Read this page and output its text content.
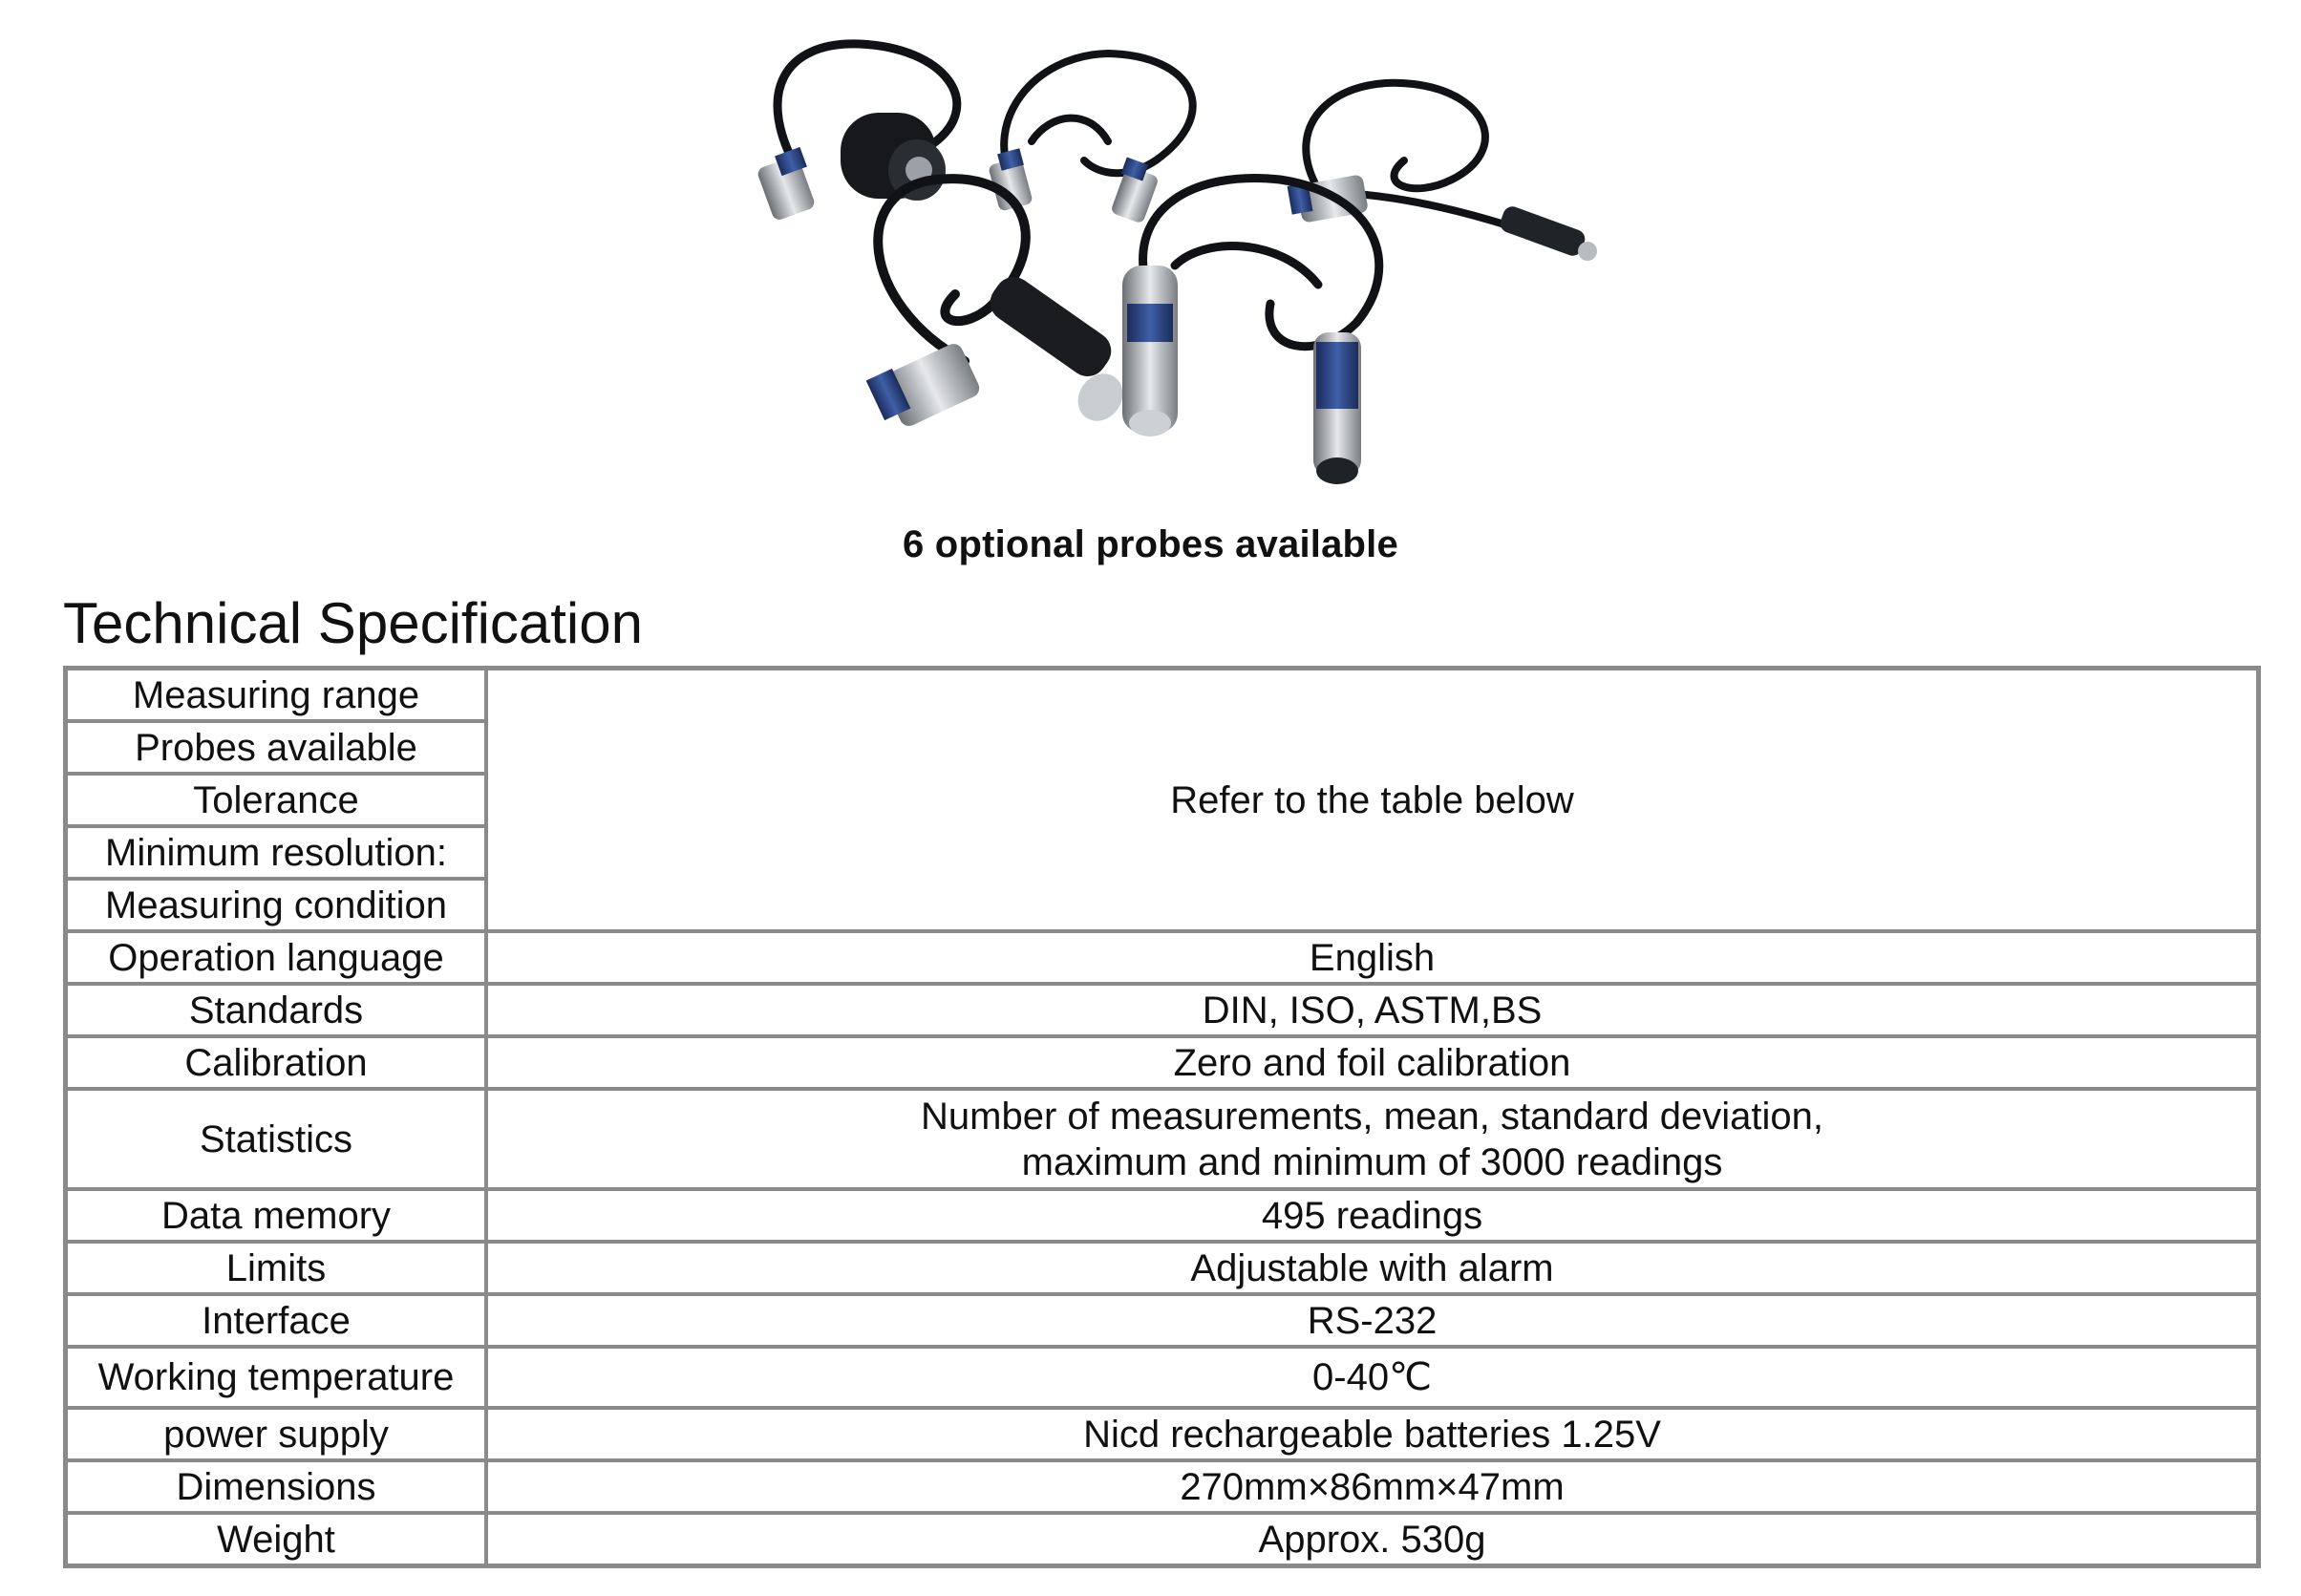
6 optional probes available
Technical Specification
Measuring range	Refer to the table below
Probes available	
Tolerance	
Minimum resolution:	
Measuring condition	
Operation language	English
Standards	DIN, ISO, ASTM,BS
Calibration	Zero and foil calibration
Statistics	Number of measurements, mean, standard deviation,
maximum and minimum of 3000 readings

Data memory	495 readings
Limits	Adjustable with alarm
Interface	RS-232
Working temperature	0-40℃
power supply	Nicd rechargeable batteries 1.25V
Dimensions	270mm×86mm×47mm
Weight	Approx. 530g
